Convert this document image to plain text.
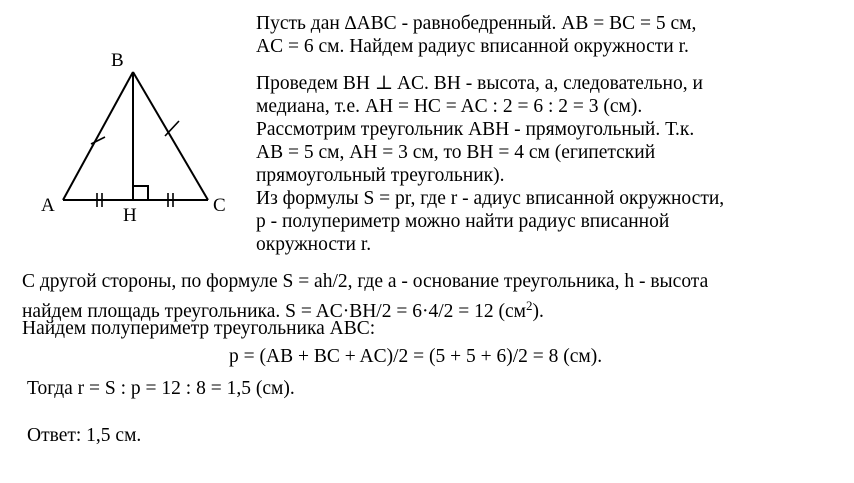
B
A	C
H
Пусть дан ∆ABC - равнобедренный. AB = BC = 5 см,
AC = 6 см. Найдем радиус вписанной окружности r.
Проведем BH ⊥ AC. BH - высота, а, следовательно, и
медиана, т.е. AH = HC = AC : 2 = 6 : 2 = 3 (см).
Рассмотрим треугольник ABH - прямоугольный. Т.к.
AB = 5 см, AH = 3 см, то BH = 4 см (египетский
прямоугольный треугольник).
Из формулы S = pr, где r - адиус вписанной окружности,
p - полупериметр можно найти радиус вписанной
окружности r.
С другой стороны, по формуле S = ah/2, где a - основание треугольника, h - высота
найдем площадь треугольника. S = AC·BH/2 = 6·4/2 = 12 $(см^2)$.
Найдем полупериметр треугольника ABC:
p = (AB + BC + AC)/2 = (5 + 5 + 6)/2 = 8 (см).
Тогда r = S : p = 12 : 8 = 1,5 (см).
Ответ: 1,5 см.
